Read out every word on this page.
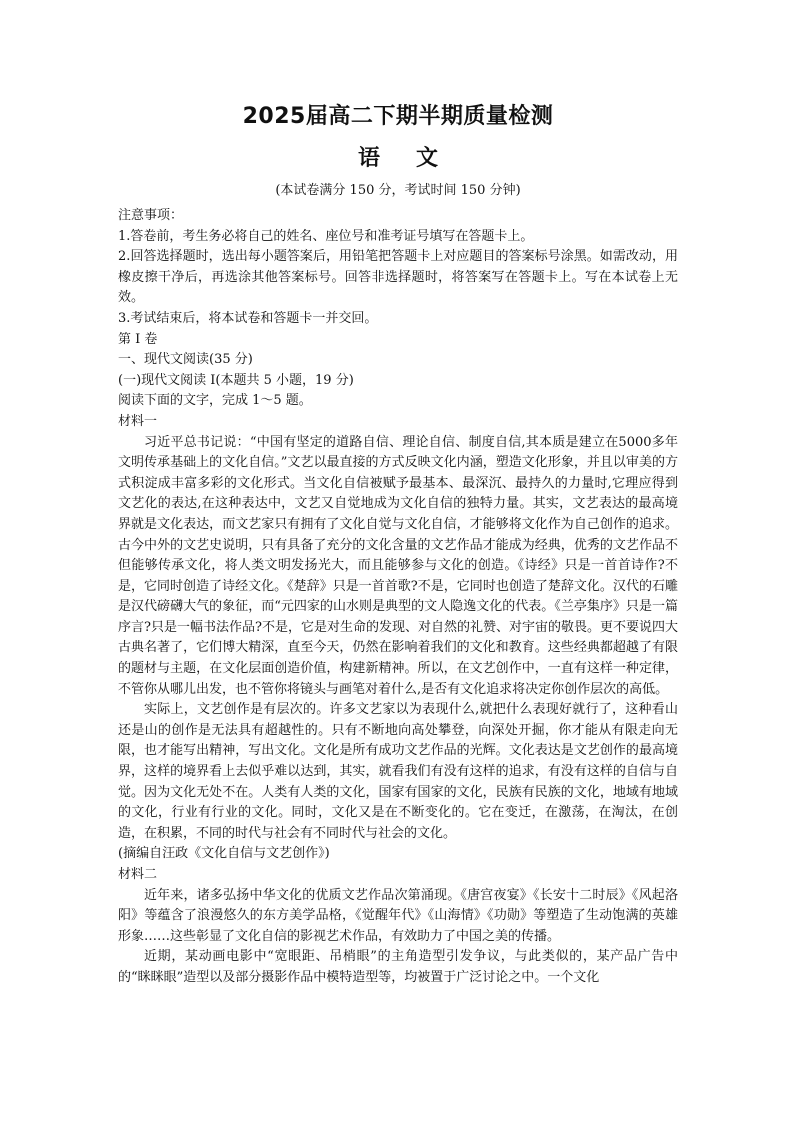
2025届高二下期半期质量检测
语 文
(本试卷满分 150 分，考试时间 150 分钟)

注意事项：

1.答卷前，考生务必将自己的姓名、座位号和准考证号填写在答题卡上。

2.回答选择题时，选出每小题答案后，用铅笔把答题卡上对应题目的答案标号涂黑。如需改动，用橡皮擦干净后，再选涂其他答案标号。回答非选择题时，将答案写在答题卡上。写在本试卷上无效。

3.考试结束后，将本试卷和答题卡一并交回。

第 I 卷

一、现代文阅读(35 分)

(一)现代文阅读 I(本题共 5 小题，19 分)

阅读下面的文字，完成 1～5 题。

材料一

习近平总书记说：“中国有坚定的道路自信、理论自信、制度自信,其本质是建立在5000多年文明传承基础上的文化自信。”文艺以最直接的方式反映文化内涵，塑造文化形象，并且以审美的方式积淀成丰富多彩的文化形式。当文化自信被赋予最基本、最深沉、最持久的力量时,它理应得到文艺化的表达,在这种表达中，文艺又自觉地成为文化自信的独特力量。其实，文艺表达的最高境界就是文化表达，而文艺家只有拥有了文化自觉与文化自信，才能够将文化作为自己创作的追求。古今中外的文艺史说明，只有具备了充分的文化含量的文艺作品才能成为经典，优秀的文艺作品不但能够传承文化，将人类文明发扬光大，而且能够参与文化的创造。《诗经》只是一首首诗作?不是，它同时创造了诗经文化。《楚辞》只是一首首歌?不是，它同时也创造了楚辞文化。汉代的石雕是汉代磅礴大气的象征，而“元四家的山水则是典型的文人隐逸文化的代表。《兰亭集序》只是一篇序言?只是一幅书法作品?不是，它是对生命的发现、对自然的礼赞、对宇宙的敬畏。更不要说四大古典名著了，它们博大精深，直至今天，仍然在影响着我们的文化和教育。这些经典都超越了有限的题材与主题，在文化层面创造价值，构建新精神。所以，在文艺创作中，一直有这样一种定律，不管你从哪儿出发，也不管你将镜头与画笔对着什么,是否有文化追求将决定你创作层次的高低。

实际上，文艺创作是有层次的。许多文艺家以为表现什么,就把什么表现好就行了，这种看山还是山的创作是无法具有超越性的。只有不断地向高处攀登，向深处开掘，你才能从有限走向无限，也才能写出精神，写出文化。文化是所有成功文艺作品的光辉。文化表达是文艺创作的最高境界，这样的境界看上去似乎难以达到，其实，就看我们有没有这样的追求，有没有这样的自信与自觉。因为文化无处不在。人类有人类的文化，国家有国家的文化，民族有民族的文化，地域有地域的文化，行业有行业的文化。同时，文化又是在不断变化的。它在变迁，在激荡，在淘汰，在创造，在积累，不同的时代与社会有不同时代与社会的文化。

(摘编自汪政《文化自信与文艺创作》)

材料二

近年来，诸多弘扬中华文化的优质文艺作品次第涌现。《唐宫夜宴》《长安十二时辰》《风起洛阳》等蕴含了浪漫悠久的东方美学品格，《觉醒年代》《山海情》《功勋》等塑造了生动饱满的英雄形象……这些彰显了文化自信的影视艺术作品，有效助力了中国之美的传播。

近期，某动画电影中“宽眼距、吊梢眼”的主角造型引发争议，与此类似的，某产品广告中的“眯眯眼”造型以及部分摄影作品中模特造型等，均被置于广泛讨论之中。一个文化
